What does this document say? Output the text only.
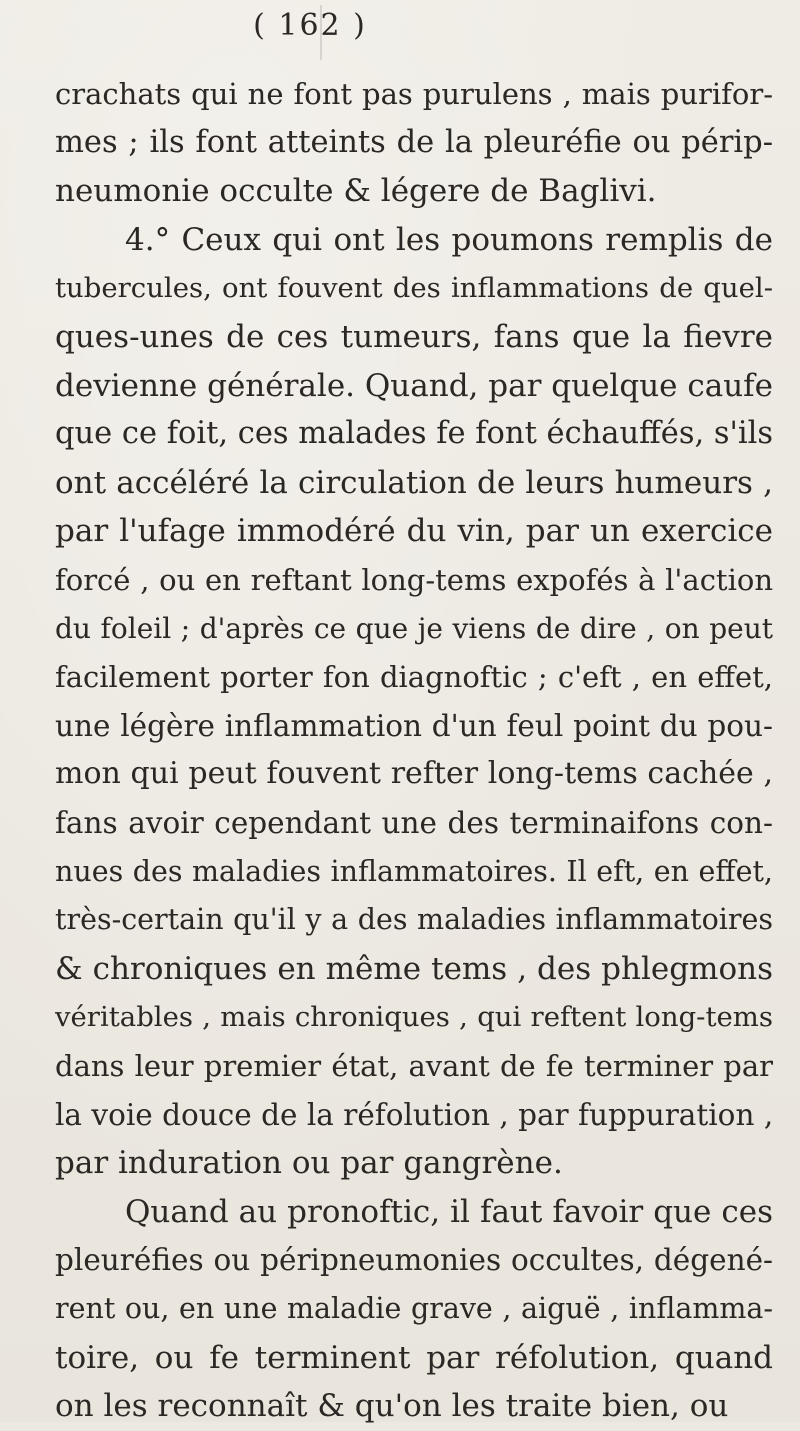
( 162 )
crachats qui ne font pas purulens , mais purifor-
mes ; ils font atteints de la pleuréfie ou périp-
neumonie occulte & légere de Baglivi.
4.° Ceux qui ont les poumons remplis de
tubercules, ont fouvent des inflammations de quel-
ques-unes de ces tumeurs, fans que la fievre
devienne générale. Quand, par quelque caufe
que ce foit, ces malades fe font échauffés, s'ils
ont accéléré la circulation de leurs humeurs ,
par l'ufage immodéré du vin, par un exercice
forcé , ou en reftant long-tems expofés à l'action
du foleil ; d'après ce que je viens de dire , on peut
facilement porter fon diagnoftic ; c'eft , en effet,
une légère inflammation d'un feul point du pou-
mon qui peut fouvent refter long-tems cachée ,
fans avoir cependant une des terminaifons con-
nues des maladies inflammatoires. Il eft, en effet,
très-certain qu'il y a des maladies inflammatoires
& chroniques en même tems , des phlegmons
véritables , mais chroniques , qui reftent long-tems
dans leur premier état, avant de fe terminer par
la voie douce de la réfolution , par fuppuration ,
par induration ou par gangrène.
Quand au pronoftic, il faut favoir que ces
pleuréfies ou péripneumonies occultes, dégené-
rent ou, en une maladie grave , aiguë , inflamma-
toire, ou fe terminent par réfolution, quand
on les reconnaît & qu'on les traite bien, ou
